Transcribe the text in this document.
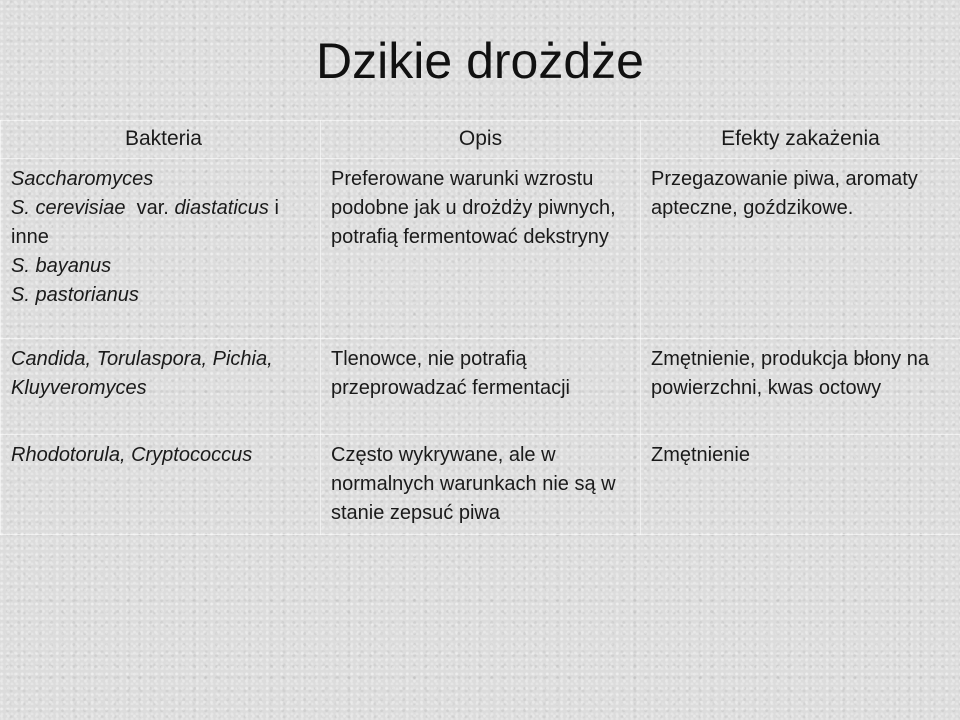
Dzikie drożdże
Bakteria	Opis	Efekty zakażenia

Saccharomyces
S. cerevisiae var. diastaticus i
inne
S. bayanus
S. pastorianus	Preferowane warunki wzrostu podobne jak u drożdży piwnych, potrafią fermentować dekstryny	Przegazowanie piwa, aromaty apteczne, goździkowe.
Candida, Torulaspora, Pichia, Kluyveromyces	Tlenowce, nie potrafią przeprowadzać fermentacji	Zmętnienie, produkcja błony na powierzchni, kwas octowy
Rhodotorula, Cryptococcus	Często wykrywane, ale w normalnych warunkach nie są w stanie zepsuć piwa	Zmętnienie
